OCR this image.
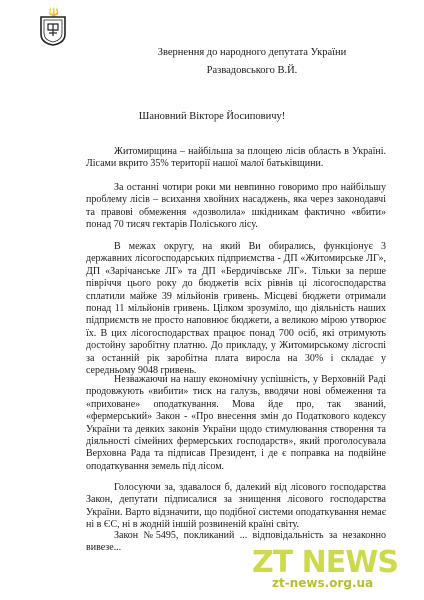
🔱
Звернення до народного депутата України
Развадовського В.Й.
Шановний Вікторе Йосиповичу!

Житомирщина – найбільша за площею лісів область в Україні. Лісами вкрито 35% території нашої малої батьківщини.

За останні чотири роки ми невпинно говоримо про найбільшу проблему лісів – всихання хвойних насаджень, яка через законодавчі та правові обмеження «дозволила» шкідникам фактично «вбити» понад 70 тисяч гектарів Поліського лісу.

В межах округу, на який Ви обирались, функціонує 3 державних лісогосподарських підприємства - ДП «Житомирське ЛГ», ДП «Зарічанське ЛГ» та ДП «Бердичівське ЛГ». Тільки за перше півріччя цього року до бюджетів всіх рівнів ці лісогосподарства сплатили майже 39 мільйонів гривень. Місцеві бюджети отримали понад 11 мільйонів гривень. Цілком зрозуміло, що діяльність наших підприємств не просто наповнює бюджети, а великою мірою утворює їх. В цих лісогосподарствах працює понад 700 осіб, які отримують достойну заробітну платню. До прикладу, у Житомирському лісгоспі за останній рік заробітна плата виросла на 30% і складає у середньому 9048 гривень.

Незважаючи на нашу економічну успішність, у Верховній Раді продовжують «вибити» тиск на галузь, вводячи нові обмеження та «приховане» оподаткування. Мова йде про, так званий, «фермерський» Закон - «Про внесення змін до Податкового кодексу України та деяких законів України щодо стимулювання створення та діяльності сімейних фермерських господарств», який проголосувала Верховна Рада та підписав Президент, і де є поправка на подвійне оподаткування земель під лісом.

Голосуючи за, здавалося б, далекий від лісового господарства Закон, депутати підписалися за знищення лісового господарства України. Варто відзначити, що подібної системи оподаткування немає ні в ЄС, ні в жодній іншій розвиненій країні світу.

Закон №5495, покликаний ... відповідальність за незаконно вивезе...	ZT NEWS
zt-news.org.ua
